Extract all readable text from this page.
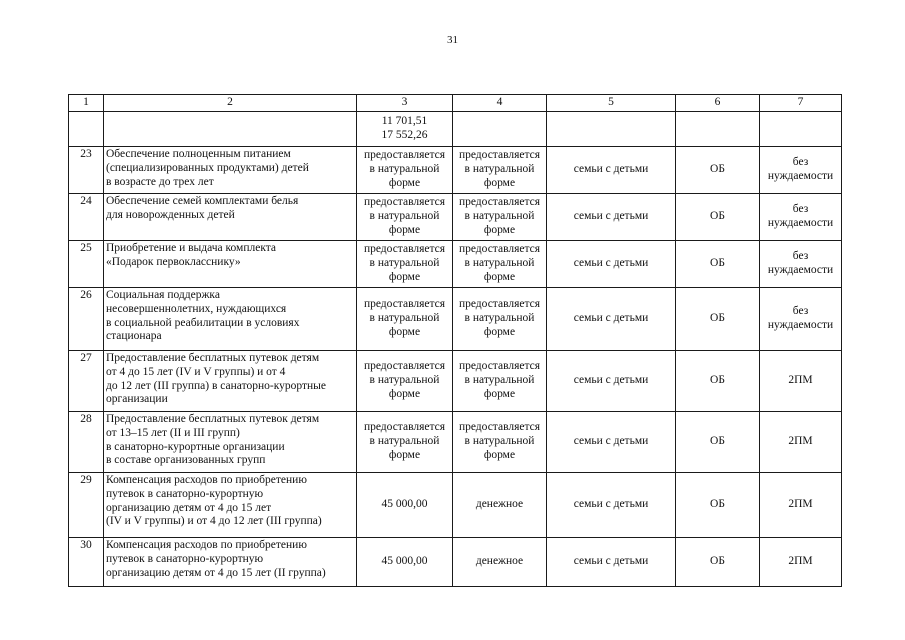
31
1	2	3	4	5	6	7
		11 701,51
17 552,26				
23	Обеспечение полноценным питанием
(специализированных продуктами) детей
в возрасте до трех лет	предоставляется
в натуральной
форме	предоставляется
в натуральной
форме	семьи с детьми	ОБ	без
нуждаемости
24	Обеспечение семей комплектами белья
для новорожденных детей	предоставляется
в натуральной
форме	предоставляется
в натуральной
форме	семьи с детьми	ОБ	без
нуждаемости
25	Приобретение и выдача комплекта
«Подарок первокласснику»	предоставляется
в натуральной
форме	предоставляется
в натуральной
форме	семьи с детьми	ОБ	без
нуждаемости
26	Социальная поддержка
несовершеннолетних, нуждающихся
в социальной реабилитации в условиях
стационара	предоставляется
в натуральной
форме	предоставляется
в натуральной
форме	семьи с детьми	ОБ	без
нуждаемости
27	Предоставление бесплатных путевок детям
от 4 до 15 лет (IV и V группы) и от 4
до 12 лет (III группа) в санаторно-курортные
организации	предоставляется
в натуральной
форме	предоставляется
в натуральной
форме	семьи с детьми	ОБ	2ПМ
28	Предоставление бесплатных путевок детям
от 13–15 лет (II и III групп)
в санаторно-курортные организации
в составе организованных групп	предоставляется
в натуральной
форме	предоставляется
в натуральной
форме	семьи с детьми	ОБ	2ПМ
29	Компенсация расходов по приобретению
путевок в санаторно-курортную
организацию детям от 4 до 15 лет
(IV и V группы) и от 4 до 12 лет (III группа)	45 000,00	денежное	семьи с детьми	ОБ	2ПМ
30	Компенсация расходов по приобретению
путевок в санаторно-курортную
организацию детям от 4 до 15 лет (II группа)	45 000,00	денежное	семьи с детьми	ОБ	2ПМ
